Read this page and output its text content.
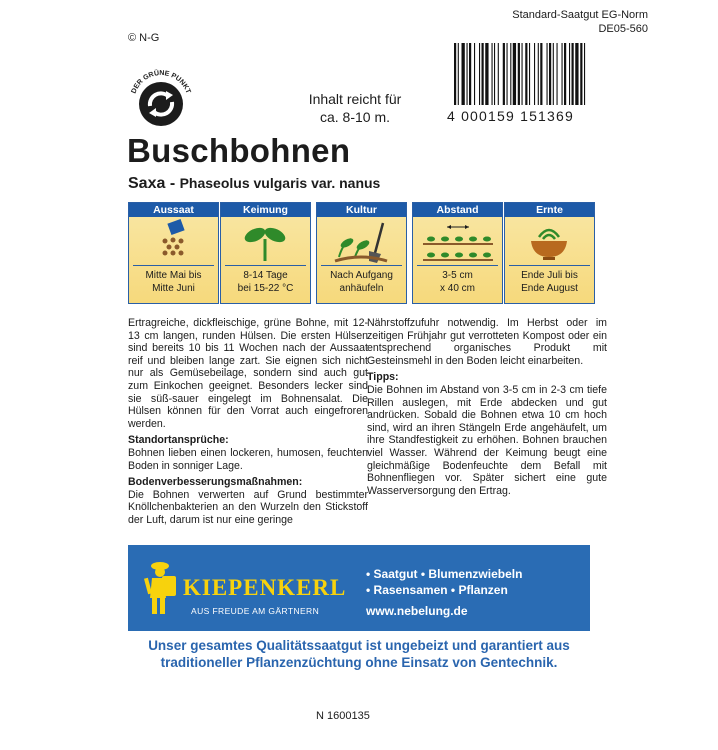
© N-G
Standard-Saatgut EG-Norm
DE05-560
4 000159 151369
DER GRÜNE PUNKT	Inhalt reicht für
ca. 8-10 m.
Buschbohnen
Saxa - Phaseolus vulgaris var. nanus
Aussaat
Mitte Mai bis
Mitte Juni
Keimung
8-14 Tage
bei 15-22 °C
Kultur
Nach Aufgang
anhäufeln
Abstand
3-5 cm
x 40 cm
Ernte
Ende Juli bis
Ende August

Ertragreiche, dickfleischige, grüne Bohne, mit 12-13 cm langen, runden Hülsen. Die ersten Hülsen sind bereits 10 bis 11 Wochen nach der Aussaat reif und bleiben lange zart. Sie eignen sich nicht nur als Gemüsebeilage, sondern sind auch gut zum Einkochen geeignet. Besonders lecker sind sie süß-sauer eingelegt im Bohnensalat. Die Hülsen können für den Vorrat auch eingefroren werden.

Standortansprüche:

Bohnen lieben einen lockeren, humosen, feuchten Boden in sonniger Lage.

Bodenverbesserungsmaßnahmen:

Die Bohnen verwerten auf Grund bestimmter Knöllchenbakterien an den Wurzeln den Stickstoff der Luft, darum ist nur eine geringe

Nährstoffzufuhr notwendig. Im Herbst oder im zeitigen Frühjahr gut verrotteten Kompost oder ein entsprechend organisches Produkt mit Gesteinsmehl in den Boden leicht einarbeiten.

Tipps:

Die Bohnen im Abstand von 3-5 cm in 2-3 cm tiefe Rillen auslegen, mit Erde abdecken und gut andrücken. Sobald die Bohnen etwa 10 cm hoch sind, wird an ihren Stängeln Erde angehäufelt, um ihre Standfestigkeit zu erhöhen. Bohnen brauchen viel Wasser. Während der Keimung beugt eine gleichmäßige Bodenfeuchte dem Befall mit Bohnenfliegen vor. Später sichert eine gute Wasserversorgung den Ertrag.

KIEPENKERL
AUS FREUDE AM GÄRTNERN
• Saatgut • Blumenzwiebeln
• Rasensamen • Pflanzen
www.nebelung.de
Unser gesamtes Qualitätssaatgut ist ungebeizt und garantiert aus
traditioneller Pflanzenzüchtung ohne Einsatz von Gentechnik.
N 1600135
